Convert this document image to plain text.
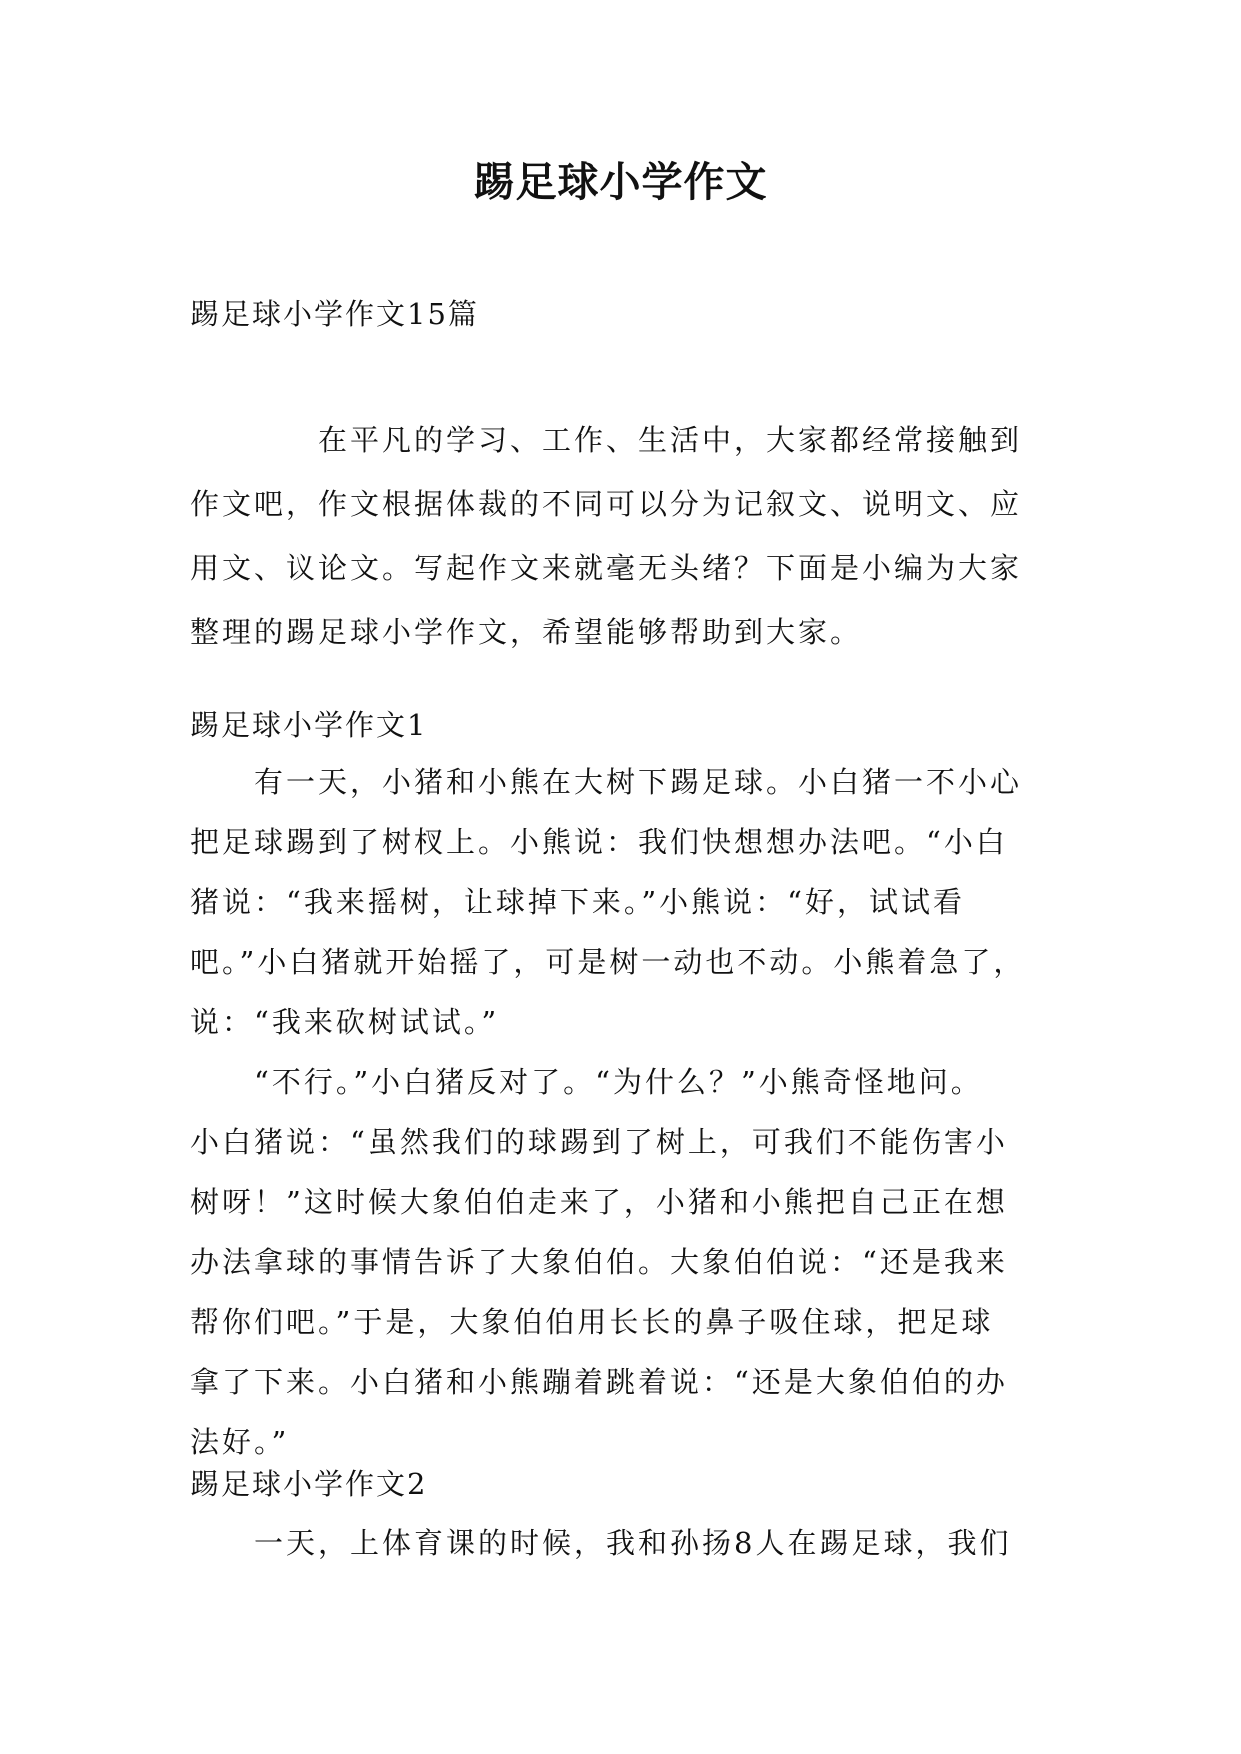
踢足球小学作文
踢足球小学作文15篇
　　　　在平凡的学习、工作、生活中，大家都经常接触到
作文吧，作文根据体裁的不同可以分为记叙文、说明文、应
用文、议论文。写起作文来就毫无头绪？下面是小编为大家
整理的踢足球小学作文，希望能够帮助到大家。
踢足球小学作文1
　　有一天，小猪和小熊在大树下踢足球。小白猪一不小心
把足球踢到了树杈上。小熊说：我们快想想办法吧。“小白
猪说：“我来摇树，让球掉下来。”小熊说：“好，试试看
吧。”小白猪就开始摇了，可是树一动也不动。小熊着急了，
说：“我来砍树试试。”
　　“不行。”小白猪反对了。“为什么？”小熊奇怪地问。
小白猪说：“虽然我们的球踢到了树上，可我们不能伤害小
树呀！”这时候大象伯伯走来了，小猪和小熊把自己正在想
办法拿球的事情告诉了大象伯伯。大象伯伯说：“还是我来
帮你们吧。”于是，大象伯伯用长长的鼻子吸住球，把足球
拿了下来。小白猪和小熊蹦着跳着说：“还是大象伯伯的办
法好。”
踢足球小学作文2
　　一天，上体育课的时候，我和孙扬8人在踢足球，我们
